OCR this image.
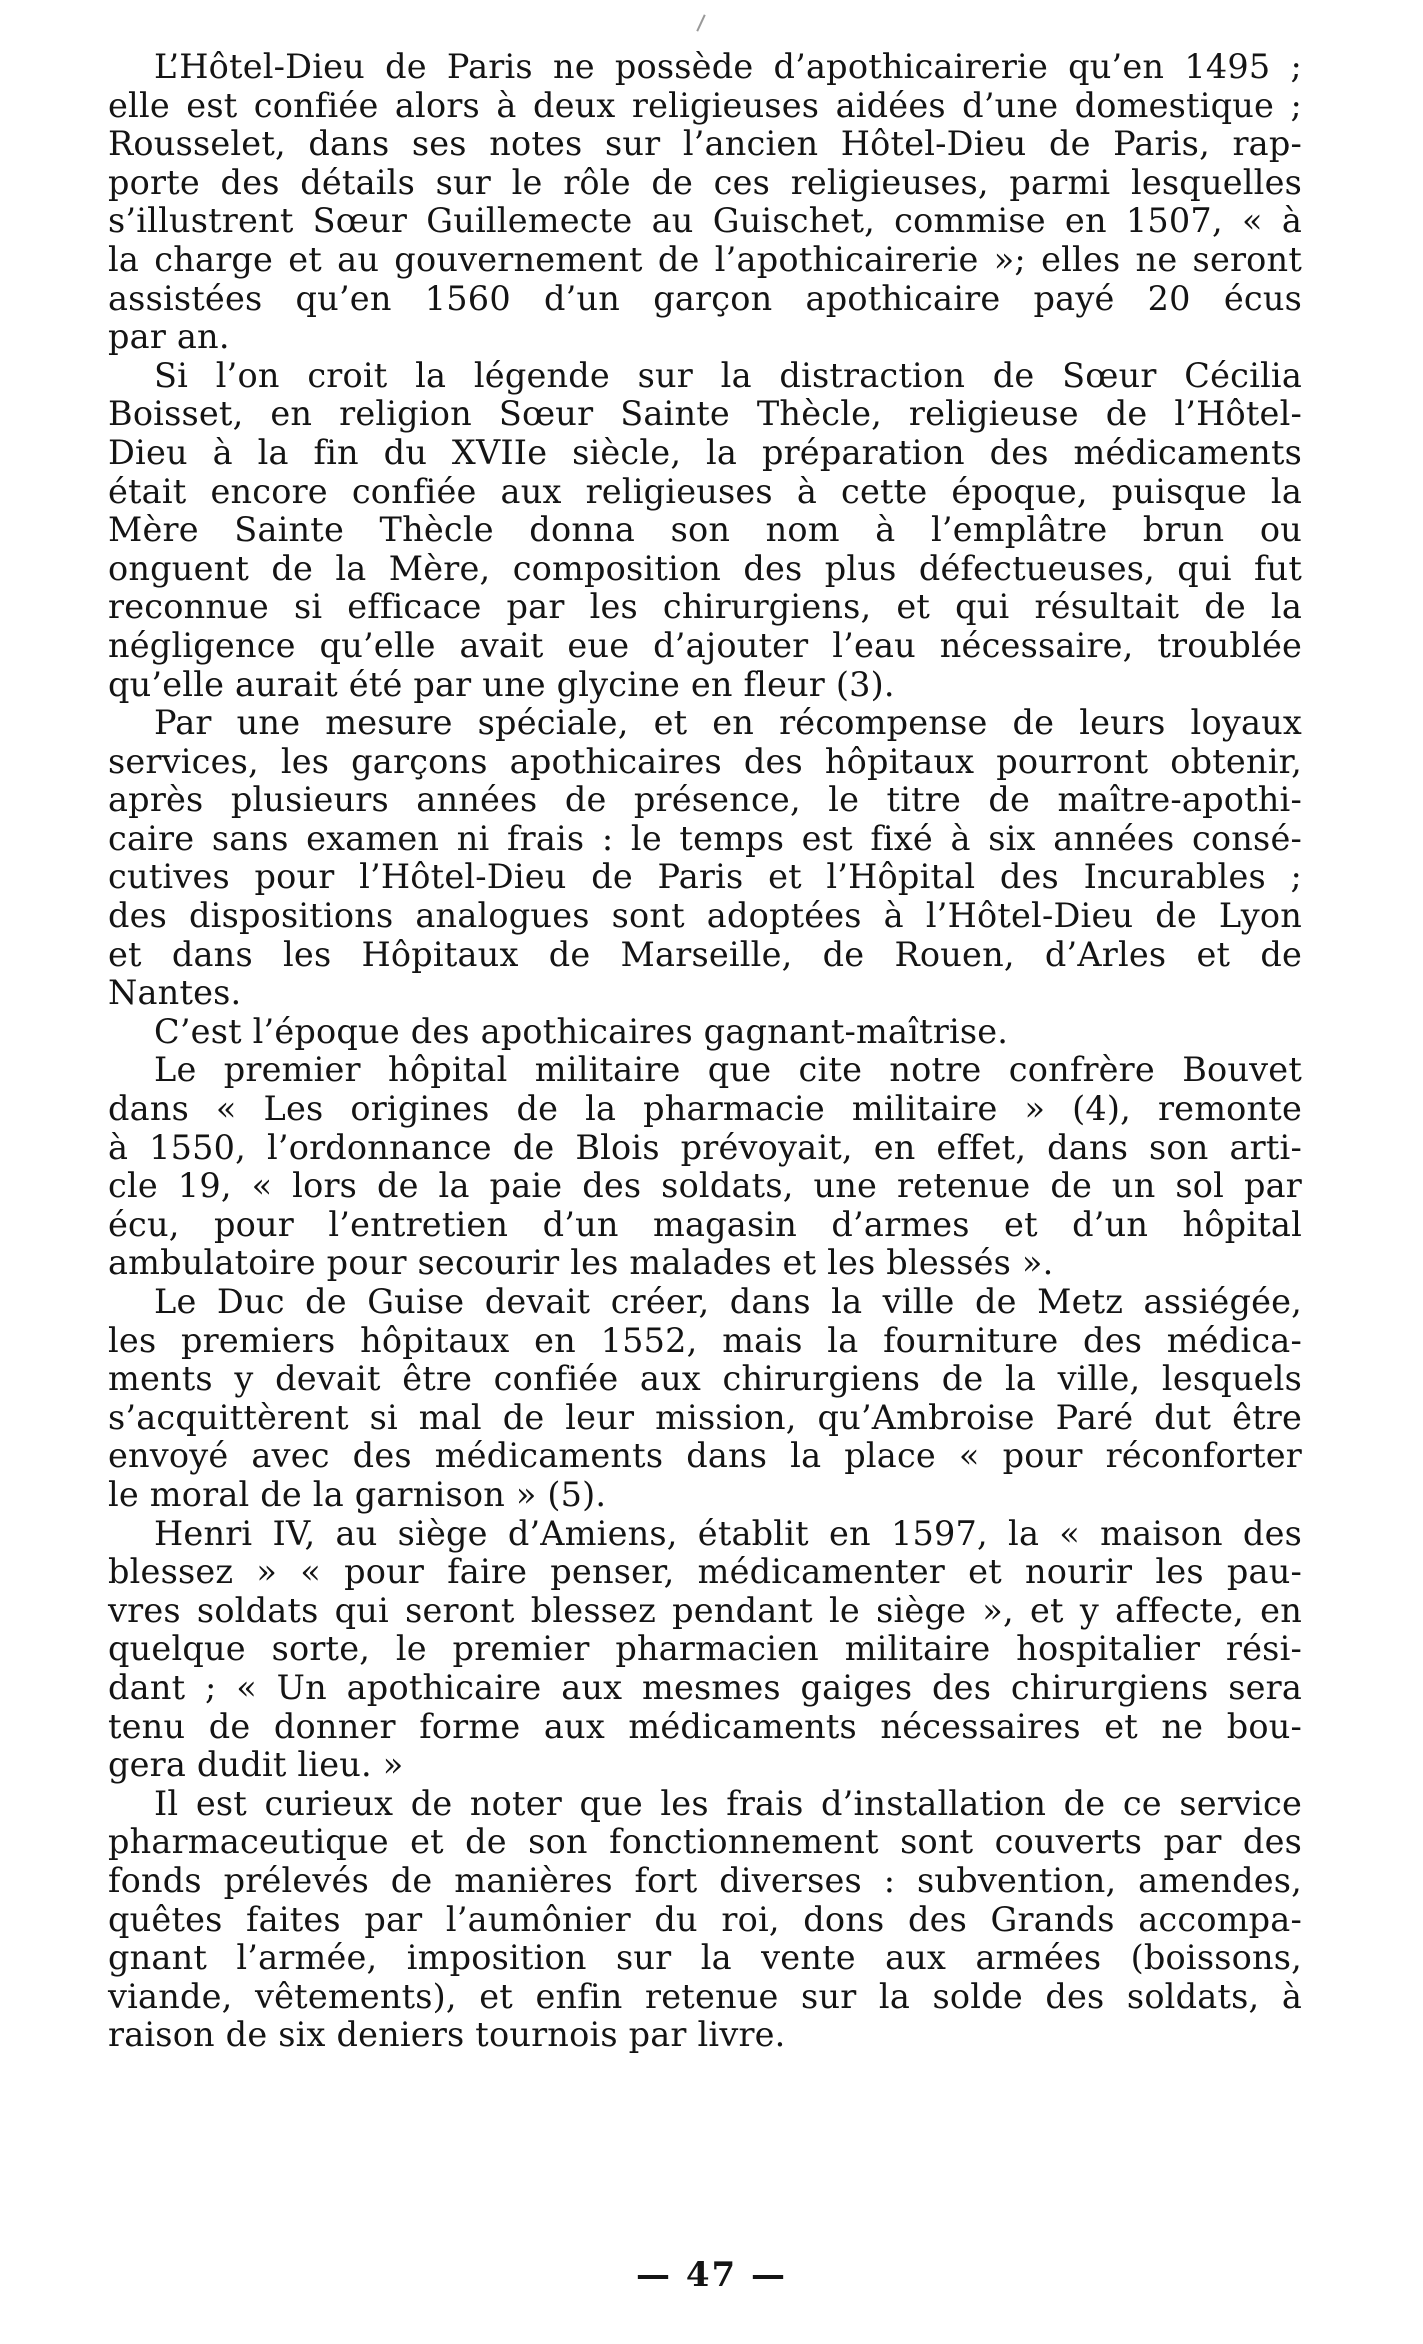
L’Hôtel-Dieu de Paris ne possède d’apothicairerie qu’en 1495 ;
elle est confiée alors à deux religieuses aidées d’une domestique ;
Rousselet, dans ses notes sur l’ancien Hôtel-Dieu de Paris, rap-
porte des détails sur le rôle de ces religieuses, parmi lesquelles
s’illustrent Sœur Guillemecte au Guischet, commise en 1507, « à
la charge et au gouvernement de l’apothicairerie »; elles ne seront
assistées qu’en 1560 d’un garçon apothicaire payé 20 écus
par an.
Si l’on croit la légende sur la distraction de Sœur Cécilia
Boisset, en religion Sœur Sainte Thècle, religieuse de l’Hôtel-
Dieu à la fin du XVIIe siècle, la préparation des médicaments
était encore confiée aux religieuses à cette époque, puisque la
Mère Sainte Thècle donna son nom à l’emplâtre brun ou
onguent de la Mère, composition des plus défectueuses, qui fut
reconnue si efficace par les chirurgiens, et qui résultait de la
négligence qu’elle avait eue d’ajouter l’eau nécessaire, troublée
qu’elle aurait été par une glycine en fleur (3).
Par une mesure spéciale, et en récompense de leurs loyaux
services, les garçons apothicaires des hôpitaux pourront obtenir,
après plusieurs années de présence, le titre de maître-apothi-
caire sans examen ni frais : le temps est fixé à six années consé-
cutives pour l’Hôtel-Dieu de Paris et l’Hôpital des Incurables ;
des dispositions analogues sont adoptées à l’Hôtel-Dieu de Lyon
et dans les Hôpitaux de Marseille, de Rouen, d’Arles et de
Nantes.
C’est l’époque des apothicaires gagnant-maîtrise.
Le premier hôpital militaire que cite notre confrère Bouvet
dans « Les origines de la pharmacie militaire » (4), remonte
à 1550, l’ordonnance de Blois prévoyait, en effet, dans son arti-
cle 19, « lors de la paie des soldats, une retenue de un sol par
écu, pour l’entretien d’un magasin d’armes et d’un hôpital
ambulatoire pour secourir les malades et les blessés ».
Le Duc de Guise devait créer, dans la ville de Metz assiégée,
les premiers hôpitaux en 1552, mais la fourniture des médica-
ments y devait être confiée aux chirurgiens de la ville, lesquels
s’acquittèrent si mal de leur mission, qu’Ambroise Paré dut être
envoyé avec des médicaments dans la place « pour réconforter
le moral de la garnison » (5).
Henri IV, au siège d’Amiens, établit en 1597, la « maison des
blessez » « pour faire penser, médicamenter et nourir les pau-
vres soldats qui seront blessez pendant le siège », et y affecte, en
quelque sorte, le premier pharmacien militaire hospitalier rési-
dant ; « Un apothicaire aux mesmes gaiges des chirurgiens sera
tenu de donner forme aux médicaments nécessaires et ne bou-
gera dudit lieu. »
Il est curieux de noter que les frais d’installation de ce service
pharmaceutique et de son fonctionnement sont couverts par des
fonds prélevés de manières fort diverses : subvention, amendes,
quêtes faites par l’aumônier du roi, dons des Grands accompa-
gnant l’armée, imposition sur la vente aux armées (boissons,
viande, vêtements), et enfin retenue sur la solde des soldats, à
raison de six deniers tournois par livre.
— 47 —
